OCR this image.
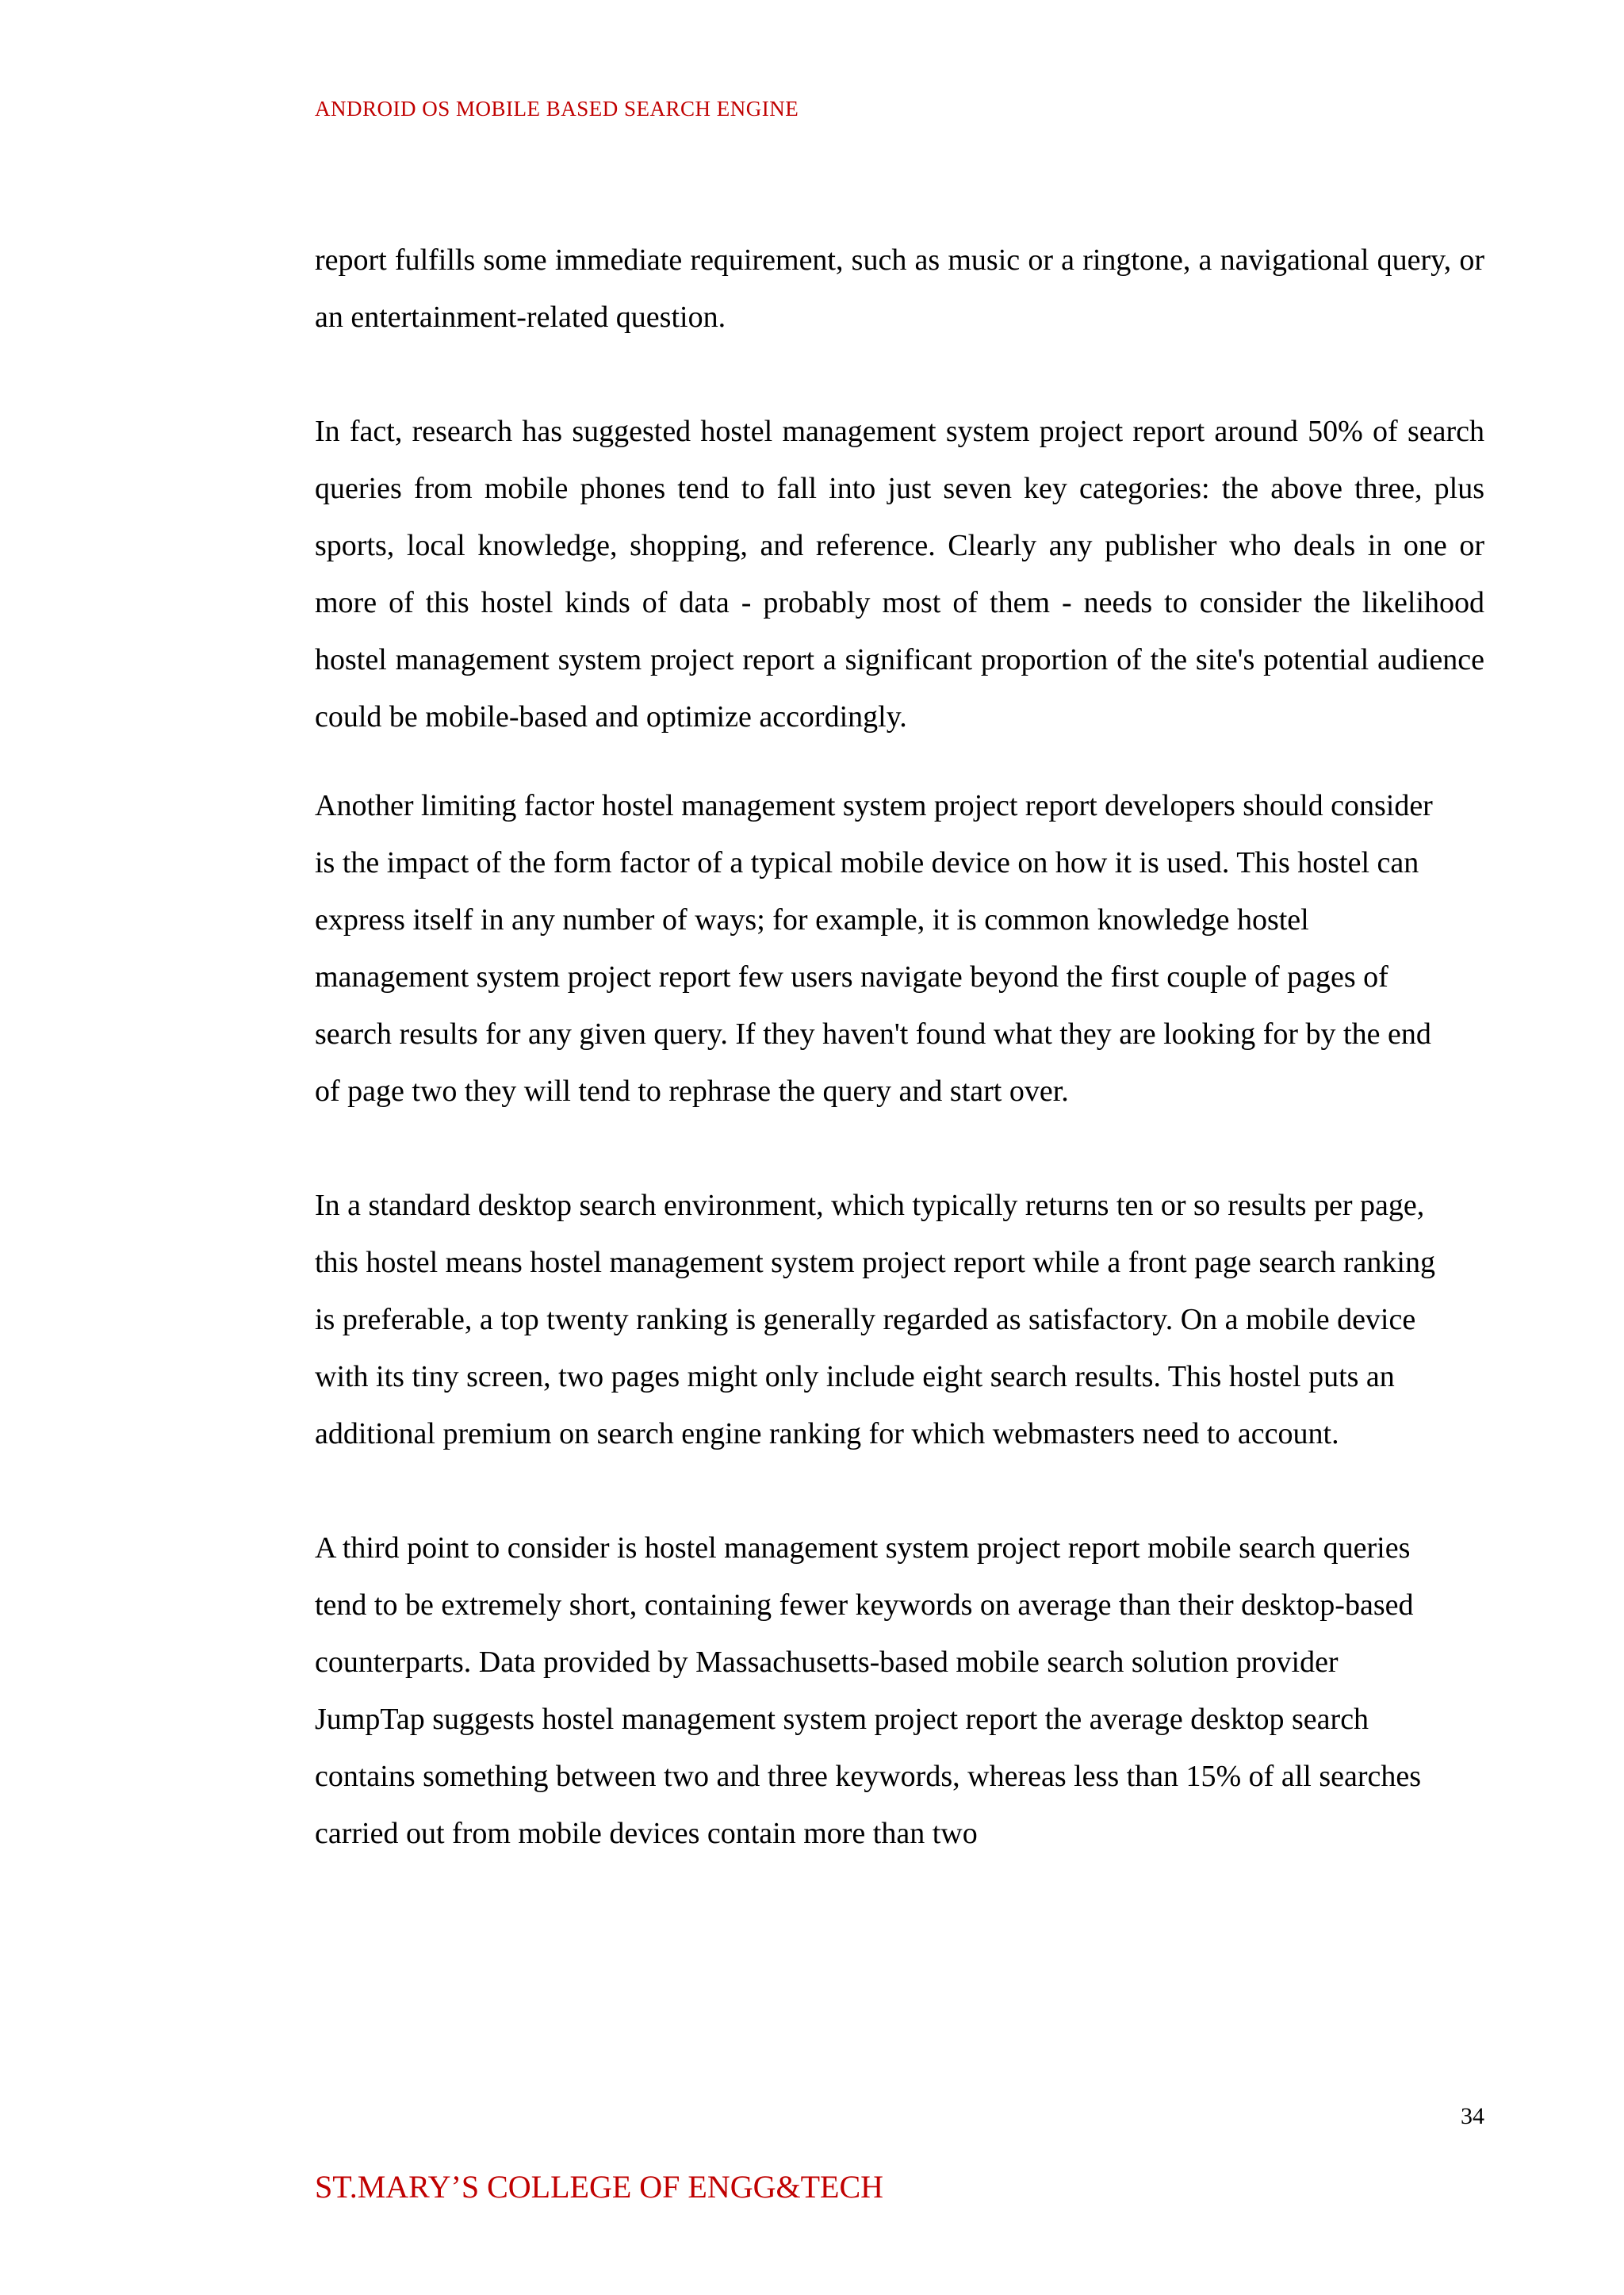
ANDROID OS MOBILE BASED SEARCH ENGINE

report fulfills some immediate requirement, such as music or a ringtone, a navigational query, or an entertainment-related question.

In fact, research has suggested hostel management system project report around 50% of search queries from mobile phones tend to fall into just seven key categories: the above three, plus sports, local knowledge, shopping, and reference. Clearly any publisher who deals in one or more of this hostel kinds of data - probably most of them - needs to consider the likelihood hostel management system project report a significant proportion of the site's potential audience could be mobile-based and optimize accordingly.

Another limiting factor hostel management system project report developers should consider is the impact of the form factor of a typical mobile device on how it is used. This hostel can express itself in any number of ways; for example, it is common knowledge hostel management system project report few users navigate beyond the first couple of pages of search results for any given query. If they haven't found what they are looking for by the end of page two they will tend to rephrase the query and start over.

In a standard desktop search environment, which typically returns ten or so results per page, this hostel means hostel management system project report while a front page search ranking is preferable, a top twenty ranking is generally regarded as satisfactory. On a mobile device with its tiny screen, two pages might only include eight search results. This hostel puts an additional premium on search engine ranking for which webmasters need to account.

A third point to consider is hostel management system project report mobile search queries tend to be extremely short, containing fewer keywords on average than their desktop-based counterparts. Data provided by Massachusetts-based mobile search solution provider JumpTap suggests hostel management system project report the average desktop search contains something between two and three keywords, whereas less than 15% of all searches carried out from mobile devices contain more than two

34
ST.MARY’S COLLEGE OF ENGG&TECH
